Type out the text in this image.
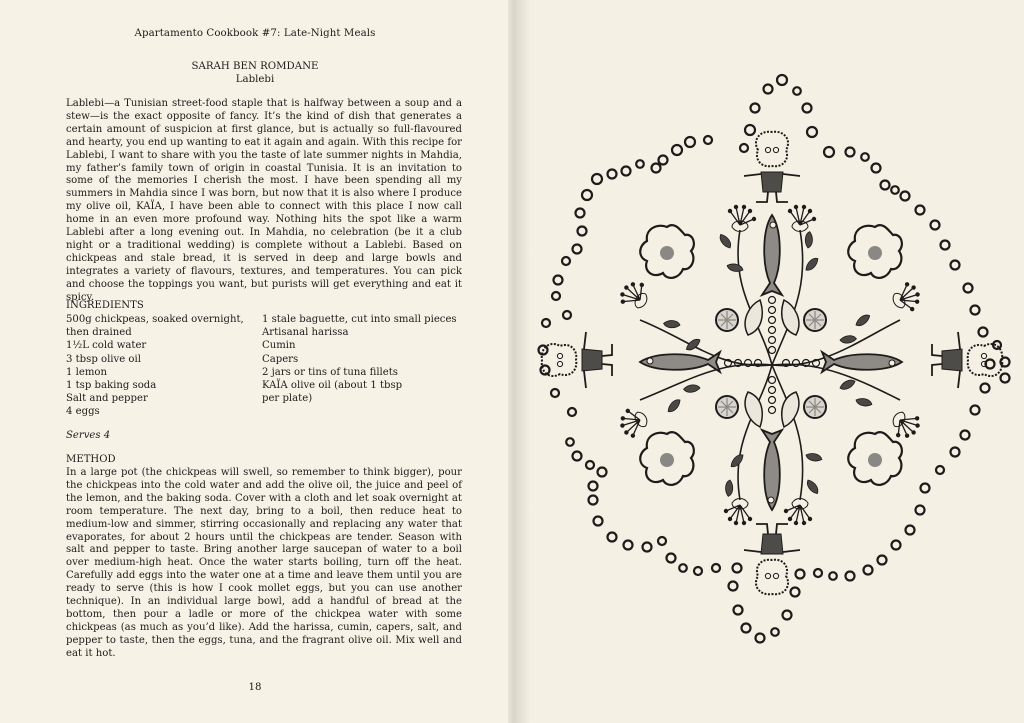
Apartamento Cookbook #7: Late-Night Meals
SARAH BEN ROMDANE
Lablebi
Lablebi—a Tunisian street-food staple that is halfway between a soup and a stew—is the exact opposite of fancy. It’s the kind of dish that generates a certain amount of suspicion at first glance, but is actually so full-flavoured and hearty, you end up wanting to eat it again and again. With this recipe for Lablebi, I want to share with you the taste of late summer nights in Mahdia, my father’s family town of origin in coastal Tunisia. It is an invitation to some of the memories I cherish the most. I have been spending all my summers in Mahdia since I was born, but now that it is also where I produce my olive oil, KAÏA, I have been able to connect with this place I now call home in an even more profound way. Nothing hits the spot like a warm Lablebi after a long evening out. In Mahdia, no celebration (be it a club night or a traditional wedding) is complete without a Lablebi. Based on chickpeas and stale bread, it is served in deep and large bowls and integrates a variety of flavours, textures, and temperatures. You can pick and choose the toppings you want, but purists will get everything and eat it spicy.
INGREDIENTS
500g chickpeas, soaked overnight,
then drained
1½L cold water
3 tbsp olive oil
1 lemon
1 tsp baking soda
Salt and pepper
4 eggs
1 stale baguette, cut into small pieces
Artisanal harissa
Cumin
Capers
2 jars or tins of tuna fillets
KAÏA olive oil (about 1 tbsp
per plate)
Serves 4
METHOD
In a large pot (the chickpeas will swell, so remember to think bigger), pour the chickpeas into the cold water and add the olive oil, the juice and peel of the lemon, and the baking soda. Cover with a cloth and let soak overnight at room temperature. The next day, bring to a boil, then reduce heat to medium-low and simmer, stirring occasionally and replacing any water that evaporates, for about 2 hours until the chickpeas are tender. Season with salt and pepper to taste. Bring another large saucepan of water to a boil over medium-high heat. Once the water starts boiling, turn off the heat. Carefully add eggs into the water one at a time and leave them until you are ready to serve (this is how I cook mollet eggs, but you can use another technique). In an individual large bowl, add a handful of bread at the bottom, then pour a ladle or more of the chickpea water with some chickpeas (as much as you’d like). Add the harissa, cumin, capers, salt, and pepper to taste, then the eggs, tuna, and the fragrant olive oil. Mix well and eat it hot.
18
